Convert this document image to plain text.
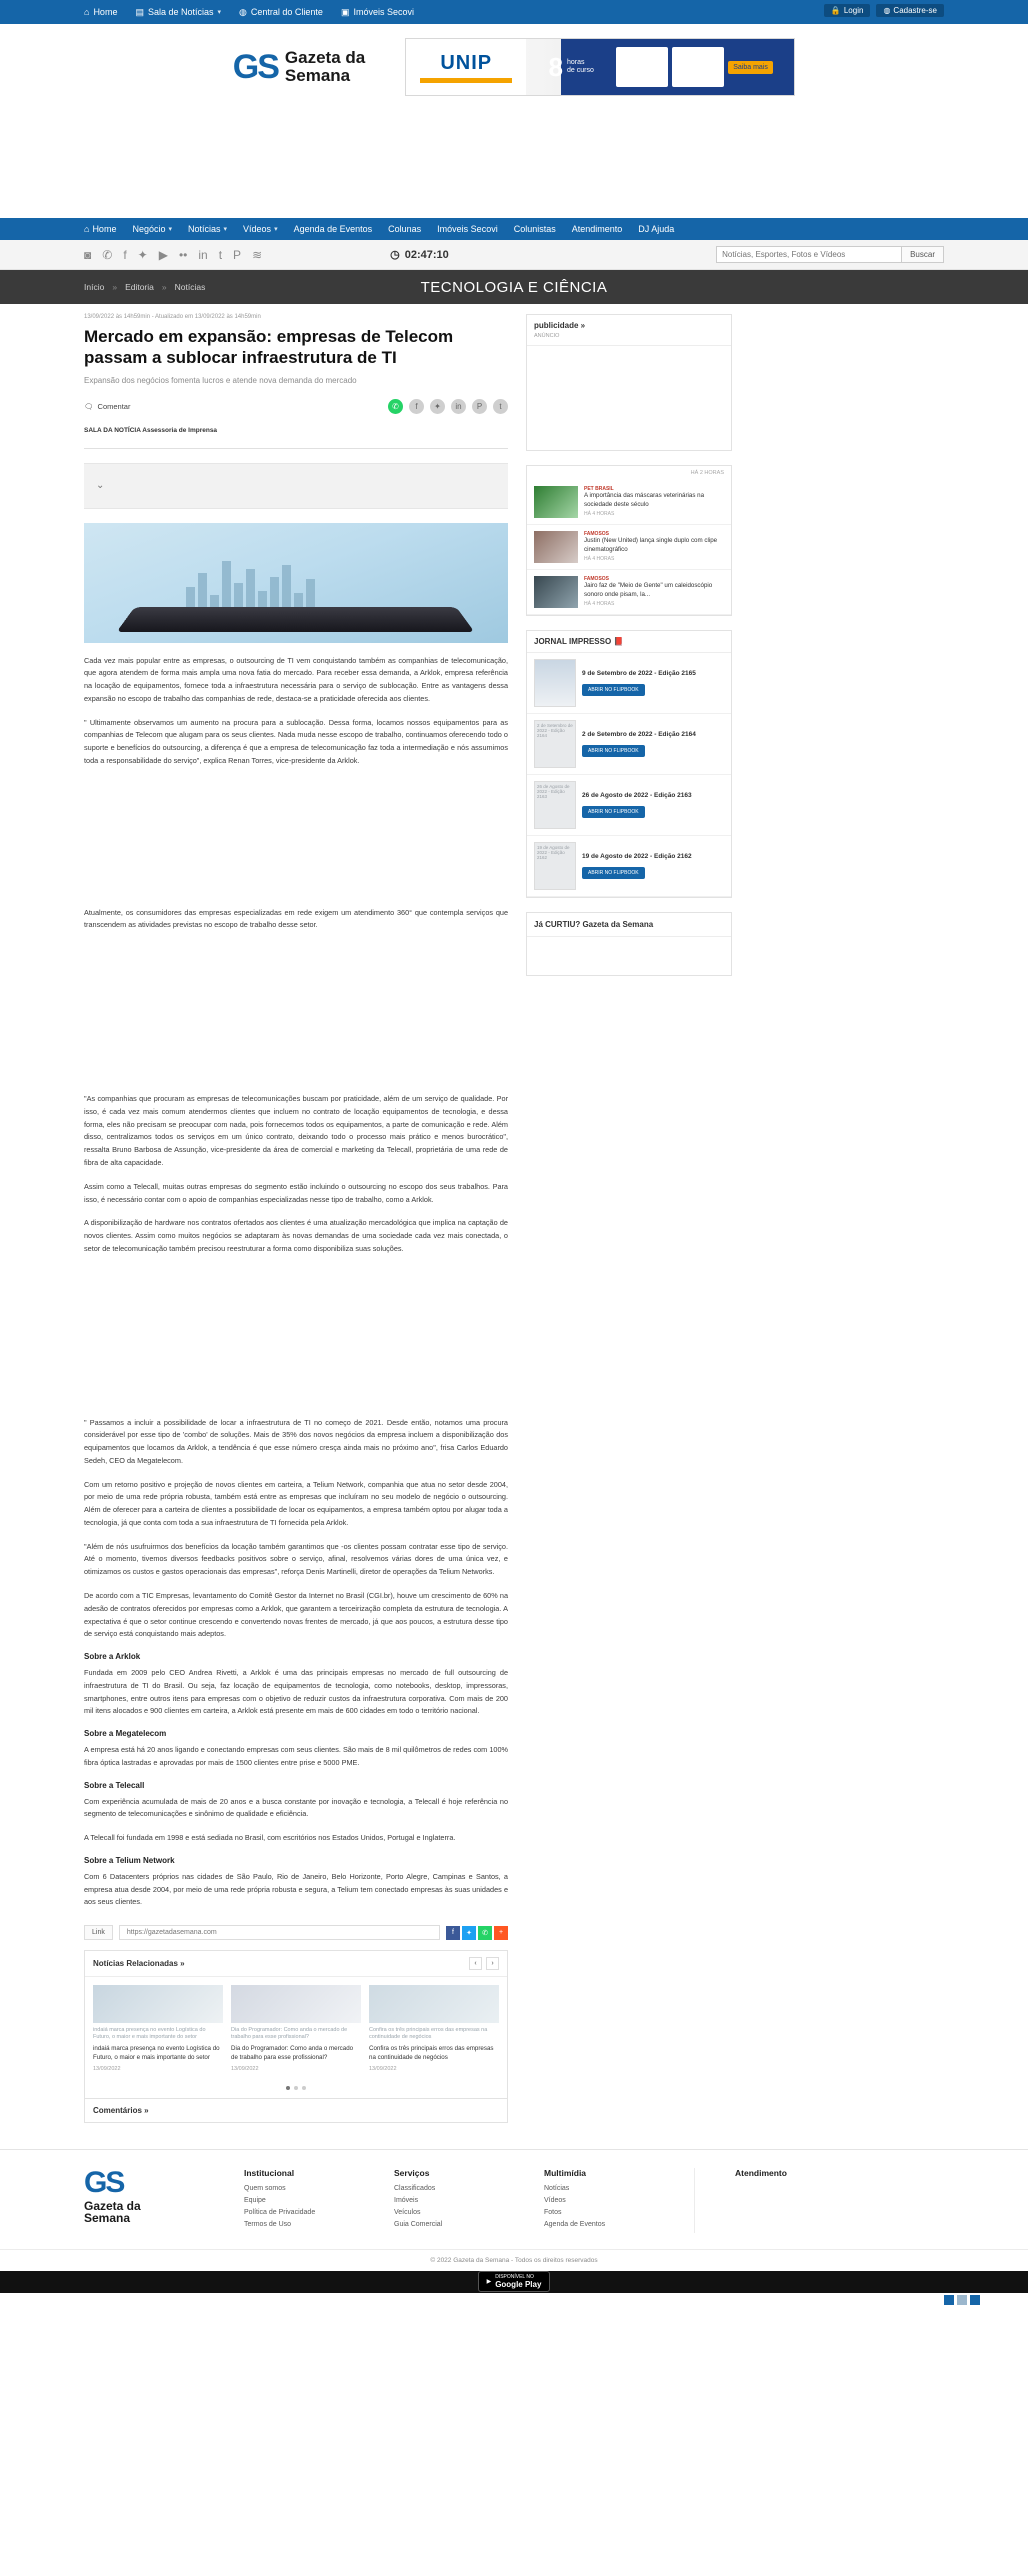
⌂ Home ▤ Sala de Notícias ▾ ◍ Central do Cliente ▣ Imóveis Secovi	🔒 Login	◍ Cadastre-se
GS Gazeta da
Semana
UNIP 8 horas
de curso	Saiba mais
⌂ Home Negócio ▾ Notícias ▾ Vídeos ▾ Agenda de Eventos Colunas Imóveis Secovi Colunistas Atendimento DJ Ajuda
◙ ✆ f ✦ ▶ •• in t P ≋	◷ 02:47:10
Notícias, Esportes, Fotos e Vídeos	Buscar
Início » Editoria » Notícias	TECNOLOGIA E CIÊNCIA
13/09/2022 às 14h59min - Atualizado em 13/09/2022 às 14h59min
Mercado em expansão: empresas de Telecom passam a sublocar infraestrutura de TI
Expansão dos negócios fomenta lucros e atende nova demanda do mercado
🗨 Comentar	✆	f	✦	in	P	t
SALA DA NOTÍCIA Assessoria de Imprensa
⌄

Cada vez mais popular entre as empresas, o outsourcing de TI vem conquistando também as companhias de telecomunicação, que agora atendem de forma mais ampla uma nova fatia do mercado. Para receber essa demanda, a Arklok, empresa referência na locação de equipamentos, fornece toda a infraestrutura necessária para o serviço de sublocação. Entre as vantagens dessa expansão no escopo de trabalho das companhias de rede, destaca-se a praticidade oferecida aos clientes.

" Ultimamente observamos um aumento na procura para a sublocação. Dessa forma, locamos nossos equipamentos para as companhias de Telecom que alugam para os seus clientes. Nada muda nesse escopo de trabalho, continuamos oferecendo todo o suporte e benefícios do outsourcing, a diferença é que a empresa de telecomunicação faz toda a intermediação e nós assumimos toda a responsabilidade do serviço", explica Renan Torres, vice-presidente da Arklok.

Atualmente, os consumidores das empresas especializadas em rede exigem um atendimento 360° que contempla serviços que transcendem as atividades previstas no escopo de trabalho desse setor.

"As companhias que procuram as empresas de telecomunicações buscam por praticidade, além de um serviço de qualidade. Por isso, é cada vez mais comum atendermos clientes que incluem no contrato de locação equipamentos de tecnologia, e dessa forma, eles não precisam se preocupar com nada, pois fornecemos todos os equipamentos, a parte de comunicação e rede. Além disso, centralizamos todos os serviços em um único contrato, deixando todo o processo mais prático e menos burocrático", ressalta Bruno Barbosa de Assunção, vice-presidente da área de comercial e marketing da Telecall, proprietária de uma rede de fibra de alta capacidade.

Assim como a Telecall, muitas outras empresas do segmento estão incluindo o outsourcing no escopo dos seus trabalhos. Para isso, é necessário contar com o apoio de companhias especializadas nesse tipo de trabalho, como a Arklok.

A disponibilização de hardware nos contratos ofertados aos clientes é uma atualização mercadológica que implica na captação de novos clientes. Assim como muitos negócios se adaptaram às novas demandas de uma sociedade cada vez mais conectada, o setor de telecomunicação também precisou reestruturar a forma como disponibiliza suas soluções.

" Passamos a incluir a possibilidade de locar a infraestrutura de TI no começo de 2021. Desde então, notamos uma procura considerável por esse tipo de 'combo' de soluções. Mais de 35% dos novos negócios da empresa incluem a disponibilização dos equipamentos que locamos da Arklok, a tendência é que esse número cresça ainda mais no próximo ano", frisa Carlos Eduardo Sedeh, CEO da Megatelecom.

Com um retorno positivo e projeção de novos clientes em carteira, a Telium Network, companhia que atua no setor desde 2004, por meio de uma rede própria robusta, também está entre as empresas que incluíram no seu modelo de negócio o outsourcing. Além de oferecer para a carteira de clientes a possibilidade de locar os equipamentos, a empresa também optou por alugar toda a tecnologia, já que conta com toda a sua infraestrutura de TI fornecida pela Arklok.

"Além de nós usufruirmos dos benefícios da locação também garantimos que -os clientes possam contratar esse tipo de serviço. Até o momento, tivemos diversos feedbacks positivos sobre o serviço, afinal, resolvemos várias dores de uma única vez, e otimizamos os custos e gastos operacionais das empresas", reforça Denis Martinelli, diretor de operações da Telium Networks.

De acordo com a TIC Empresas, levantamento do Comitê Gestor da Internet no Brasil (CGI.br), houve um crescimento de 60% na adesão de contratos oferecidos por empresas como a Arklok, que garantem a terceirização completa da estrutura de tecnologia. A expectativa é que o setor continue crescendo e convertendo novas frentes de mercado, já que aos poucos, a estrutura desse tipo de serviço está conquistando mais adeptos.

Sobre a Arklok

Fundada em 2009 pelo CEO Andrea Rivetti, a Arklok é uma das principais empresas no mercado de full outsourcing de infraestrutura de TI do Brasil. Ou seja, faz locação de equipamentos de tecnologia, como notebooks, desktop, impressoras, smartphones, entre outros itens para empresas com o objetivo de reduzir custos da infraestrutura corporativa. Com mais de 200 mil itens alocados e 900 clientes em carteira, a Arklok está presente em mais de 600 cidades em todo o território nacional.

Sobre a Megatelecom

A empresa está há 20 anos ligando e conectando empresas com seus clientes. São mais de 8 mil quilômetros de redes com 100% fibra óptica lastradas e aprovadas por mais de 1500 clientes entre prise e 5000 PME.

Sobre a Telecall

Com experiência acumulada de mais de 20 anos e a busca constante por inovação e tecnologia, a Telecall é hoje referência no segmento de telecomunicações e sinônimo de qualidade e eficiência.

A Telecall foi fundada em 1998 e está sediada no Brasil, com escritórios nos Estados Unidos, Portugal e Inglaterra.

Sobre a Telium Network

Com 6 Datacenters próprios nas cidades de São Paulo, Rio de Janeiro, Belo Horizonte, Porto Alegre, Campinas e Santos, a empresa atua desde 2004, por meio de uma rede própria robusta e segura, a Telium tem conectado empresas às suas unidades e aos seus clientes.

Link	https://gazetadasemana.com	f	✦	✆	+
Notícias Relacionadas »	‹	›
indaiá marca presença no evento Logística do Futuro, o maior e mais importante do setor
indaiá marca presença no evento Logística do Futuro, o maior e mais importante do setor
13/09/2022
Dia do Programador: Como anda o mercado de trabalho para esse profissional?
Dia do Programador: Como anda o mercado de trabalho para esse profissional?
13/09/2022
Confira os três principais erros das empresas na continuidade de negócios
Confira os três principais erros das empresas na continuidade de negócios
13/09/2022
Comentários »
publicidade »
ANÚNCIO
HÁ 2 HORAS
PET BRASIL
A importância das máscaras veterinárias na sociedade deste século
HÁ 4 HORAS
FAMOSOS
Justin (New United) lança single duplo com clipe cinematográfico
HÁ 4 HORAS
FAMOSOS
Jairo faz de "Meio de Gente" um caleidoscópio sonoro onde pisam, la...
HÁ 4 HORAS
JORNAL IMPRESSO 📕
9 de Setembro de 2022 - Edição 2165
ABRIR NO FLIPBOOK
2 de Setembro de 2022 - Edição 2164	2 de Setembro de 2022 - Edição 2164
ABRIR NO FLIPBOOK
26 de Agosto de 2022 - Edição 2163	26 de Agosto de 2022 - Edição 2163
ABRIR NO FLIPBOOK
19 de Agosto de 2022 - Edição 2162	19 de Agosto de 2022 - Edição 2162
ABRIR NO FLIPBOOK
Já CURTIU? Gazeta da Semana
GS
Gazeta da
Semana
Institucional
Quem somos
Equipe
Política de Privacidade
Termos de Uso
Serviços
Classificados
Imóveis
Veículos
Guia Comercial
Multimídia
Notícias
Vídeos
Fotos
Agenda de Eventos
Atendimento
© 2022 Gazeta da Semana - Todos os direitos reservados
▶
DISPONÍVEL NO
Google Play
